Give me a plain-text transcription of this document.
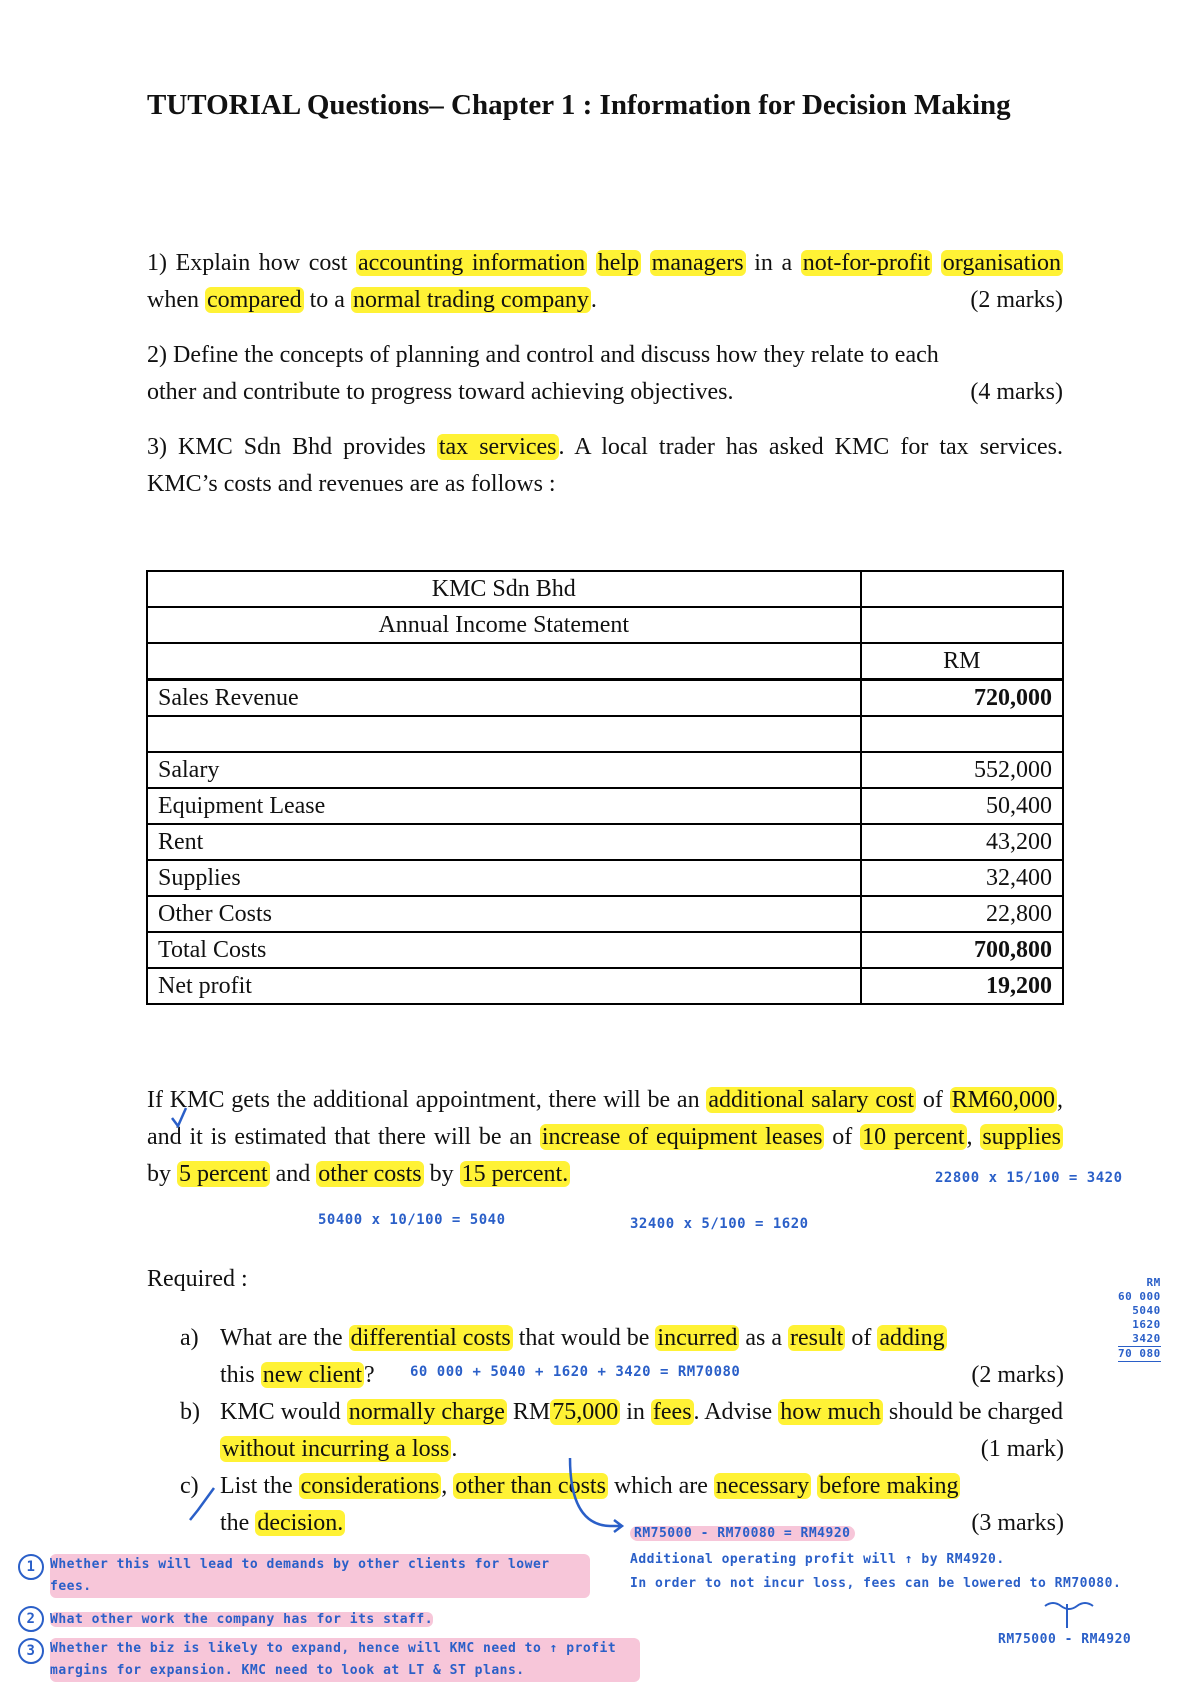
TUTORIAL Questions– Chapter 1 : Information for Decision Making
1) Explain how cost accounting information help managers in a not-for-profit organisation when compared to a normal trading company.	(2 marks)
2) Define the concepts of planning and control and discuss how they relate to each other and contribute to progress toward achieving objectives.	(4 marks)
3) KMC Sdn Bhd provides tax services. A local trader has asked KMC for tax services. KMC’s costs and revenues are as follows :
KMC Sdn Bhd	
Annual Income Statement	
	RM
Sales Revenue	720,000

Salary	552,000
Equipment Lease	50,400
Rent	43,200
Supplies	32,400
Other Costs	22,800
Total Costs	700,800
Net profit	19,200
If KMC gets the additional appointment, there will be an additional salary cost of RM60,000, and it is estimated that there will be an increase of equipment leases of 10 percent, supplies by 5 percent and other costs by 15 percent.	22800 x 15/100 = 3420
50400 x 10/100 = 5040	32400 x 5/100 = 1620
Required :
a) What are the differential costs that would be incurred as a result of adding
this new client?	(2 marks)
60 000 + 5040 + 1620 + 3420 = RM70080
RM
60 000
5040
1620
3420
70 080
b) KMC would normally charge RM75,000 in fees. Advise how much should be charged without incurring a loss.	(1 mark)
c) List the considerations, other than costs which are necessary before making
the decision.	(3 marks)
RM75000 - RM70080 = RM4920
Additional operating profit will ↑ by RM4920.
In order to not incur loss, fees can be lowered to RM70080.
RM75000 - RM4920
1 Whether this will lead to demands by other clients for lower fees.
2 What other work the company has for its staff.
3 Whether the biz is likely to expand, hence will KMC need to ↑ profit margins for expansion. KMC need to look at LT & ST plans.
